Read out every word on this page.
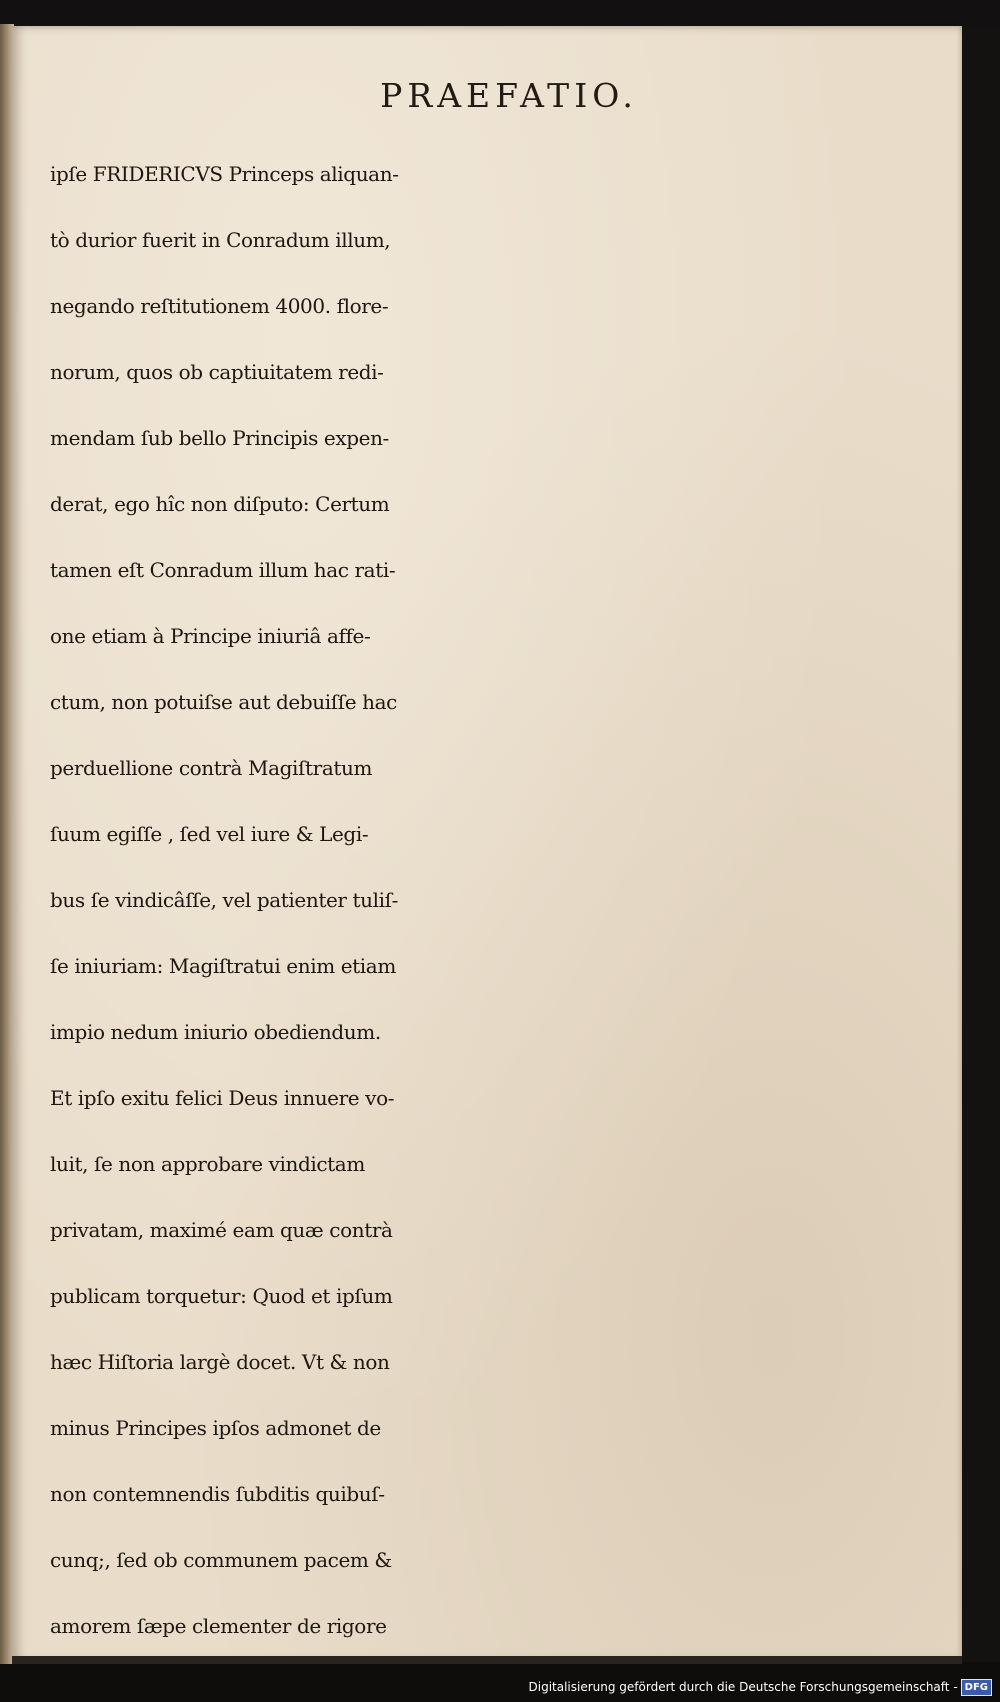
PRAEFATIO.
ipſe FRIDERICVS Princeps aliquan-
tò durior fuerit in Conradum illum,
negando reſtitutionem 4000. flore-
norum, quos ob captiuitatem redi-
mendam ſub bello Principis expen-
derat, ego hîc non diſputo: Certum
tamen eſt Conradum illum hac rati-
one etiam à Principe iniuriâ affe-
ctum, non potuiſse aut debuiſſe hac
perduellione contrà Magiſtratum
ſuum egiſſe , ſed vel iure & Legi-
bus ſe vindicâſſe, vel patienter tuliſ-
ſe iniuriam: Magiſtratui enim etiam
impio nedum iniurio obediendum.
Et ipſo exitu felici Deus innuere vo-
luit, ſe non approbare vindictam
privatam, maximé eam quæ contrà
publicam torquetur: Quod et ipſum
hæc Hiſtoria largè docet. Vt & non
minus Principes ipſos admonet de
non contemnendis ſubditis quibuſ-
cunq;, ſed ob communem pacem &
amorem ſæpe clementer de rigore
Digitalisierung gefördert durch die Deutsche Forschungsgemeinschaft - DFG
